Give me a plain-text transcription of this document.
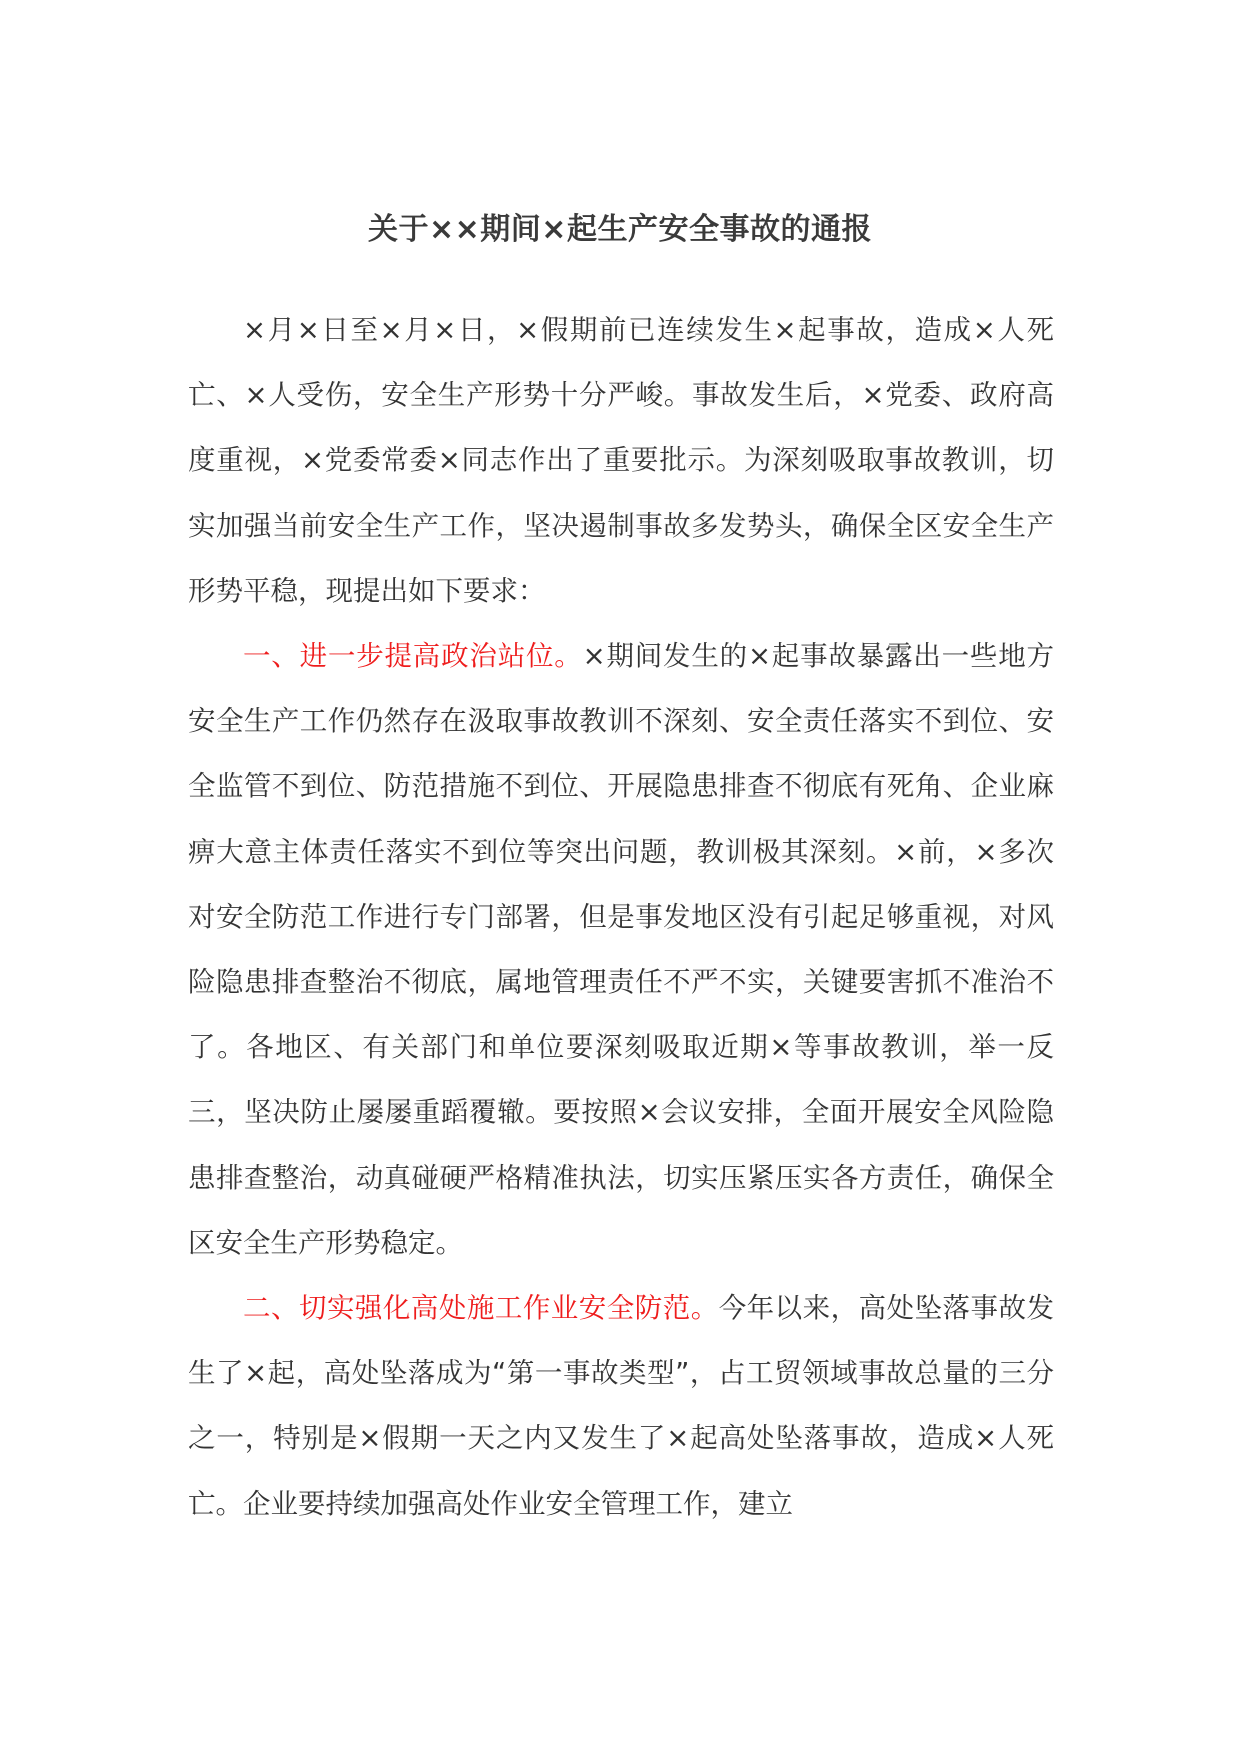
关于××期间×起生产安全事故的通报

×月×日至×月×日，×假期前已连续发生×起事故，造成×人死亡、×人受伤，安全生产形势十分严峻。事故发生后，×党委、政府高度重视，×党委常委×同志作出了重要批示。为深刻吸取事故教训，切实加强当前安全生产工作，坚决遏制事故多发势头，确保全区安全生产形势平稳，现提出如下要求：

一、进一步提高政治站位。×期间发生的×起事故暴露出一些地方安全生产工作仍然存在汲取事故教训不深刻、安全责任落实不到位、安全监管不到位、防范措施不到位、开展隐患排查不彻底有死角、企业麻痹大意主体责任落实不到位等突出问题，教训极其深刻。×前，×多次对安全防范工作进行专门部署，但是事发地区没有引起足够重视，对风险隐患排查整治不彻底，属地管理责任不严不实，关键要害抓不准治不了。各地区、有关部门和单位要深刻吸取近期×等事故教训，举一反三，坚决防止屡屡重蹈覆辙。要按照×会议安排，全面开展安全风险隐患排查整治，动真碰硬严格精准执法，切实压紧压实各方责任，确保全区安全生产形势稳定。

二、切实强化高处施工作业安全防范。今年以来，高处坠落事故发生了×起，高处坠落成为“第一事故类型”，占工贸领域事故总量的三分之一，特别是×假期一天之内又发生了×起高处坠落事故，造成×人死亡。企业要持续加强高处作业安全管理工作，建立
